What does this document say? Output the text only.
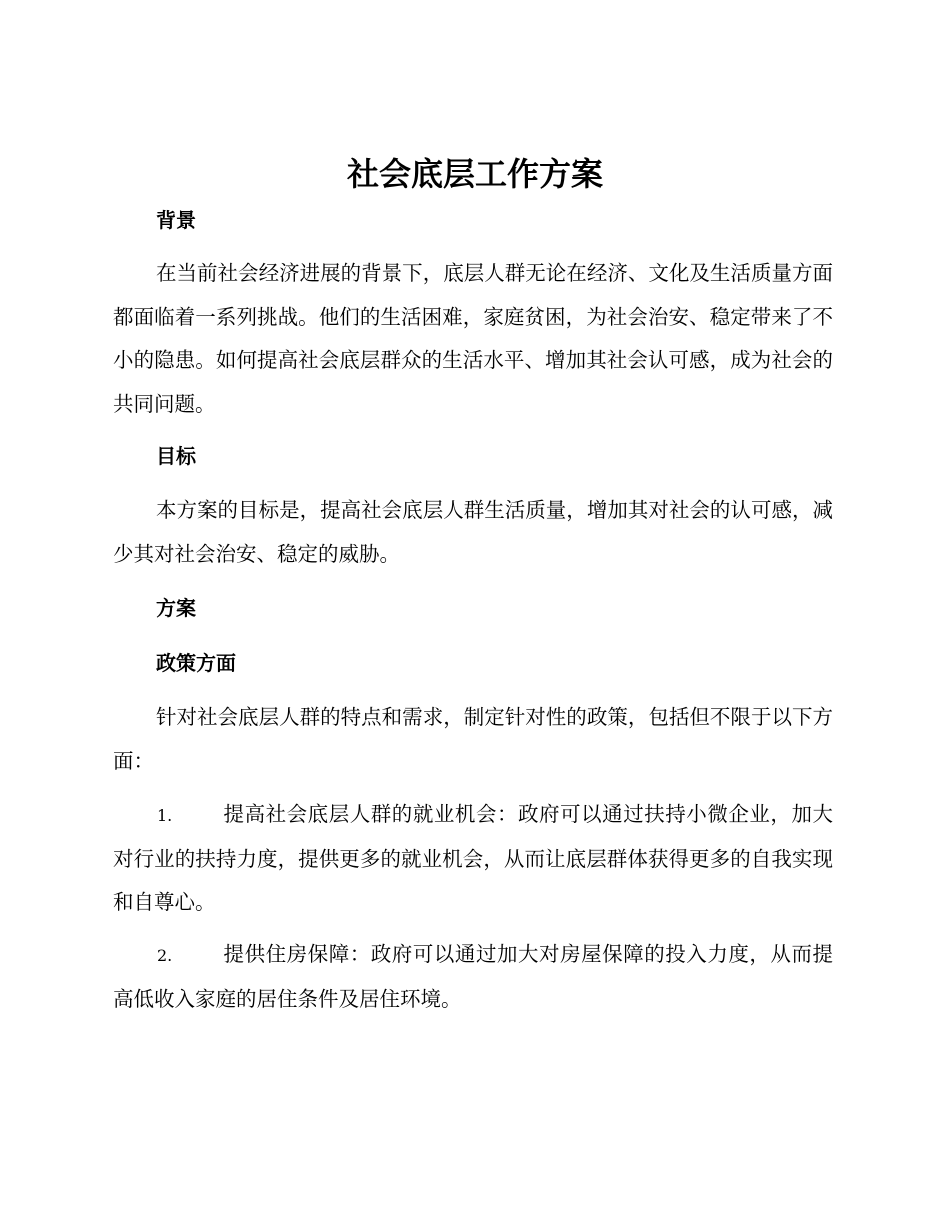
社会底层工作方案
背景

在当前社会经济进展的背景下，底层人群无论在经济、文化及生活质量方面都面临着一系列挑战。他们的生活困难，家庭贫困，为社会治安、稳定带来了不小的隐患。如何提高社会底层群众的生活水平、增加其社会认可感，成为社会的共同问题。

目标

本方案的目标是，提高社会底层人群生活质量，增加其对社会的认可感，减少其对社会治安、稳定的威胁。

方案
政策方面

针对社会底层人群的特点和需求，制定针对性的政策，包括但不限于以下方面：

1. 提高社会底层人群的就业机会：政府可以通过扶持小微企业，加大对行业的扶持力度，提供更多的就业机会，从而让底层群体获得更多的自我实现和自尊心。

2. 提供住房保障：政府可以通过加大对房屋保障的投入力度，从而提高低收入家庭的居住条件及居住环境。
